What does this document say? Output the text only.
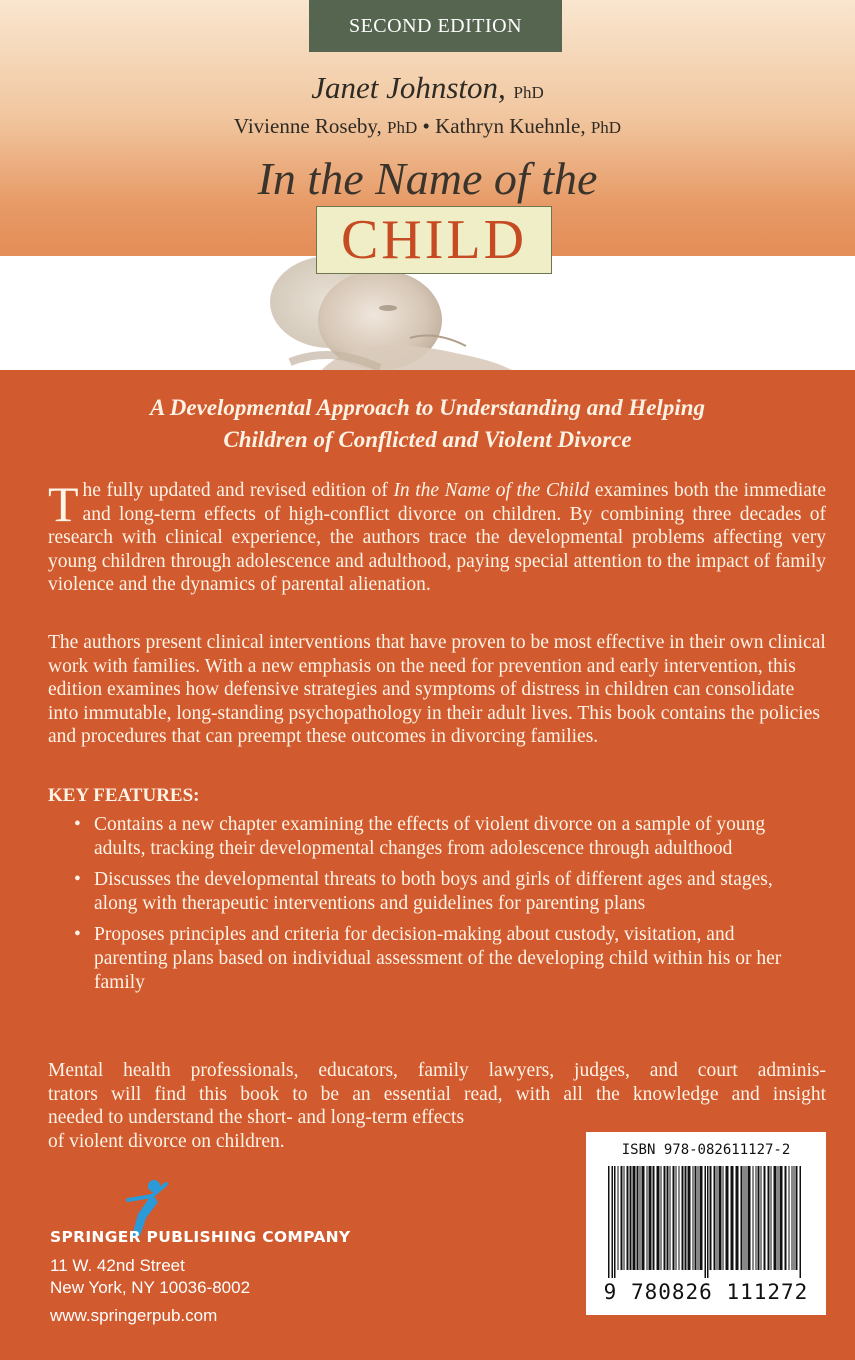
SECOND EDITION
Janet Johnston, PhD
Vivienne Roseby, PhD • Kathryn Kuehnle, PhD
In the Name of the
CHILD
A Developmental Approach to Understanding and Helping
Children of Conflicted and Violent Divorce
The fully updated and revised edition of In the Name of the Child examines both the immediate and long-term effects of high-conflict divorce on children. By combining three decades of research with clinical experience, the authors trace the developmental problems affecting very young children through adolescence and adulthood, paying special attention to the impact of family violence and the dynamics of parental alienation.
The authors present clinical interventions that have proven to be most effective in their own clinical work with families. With a new emphasis on the need for prevention and early intervention, this edition examines how defensive strategies and symptoms of distress in children can consolidate into immutable, long-standing psychopathology in their adult lives. This book contains the policies and procedures that can preempt these outcomes in divorcing families.
KEY FEATURES:
• Contains a new chapter examining the effects of violent divorce on a sample of young adults, tracking their developmental changes from adolescence through adulthood
• Discusses the developmental threats to both boys and girls of different ages and stages, along with therapeutic interventions and guidelines for parenting plans
• Proposes principles and criteria for decision-making about custody, visitation, and parenting plans based on individual assessment of the developing child within his or her family
Mental health professionals, educators, family lawyers, judges, and court adminis-
trators will find this book to be an essential read, with all the knowledge and insight
needed to understand the short- and long-term effects
of violent divorce on children.	ISBN 978-082611127-2
9 780826 111272
SPRINGER PUBLISHING COMPANY
11 W. 42nd Street
New York, NY 10036-8002
www.springerpub.com
